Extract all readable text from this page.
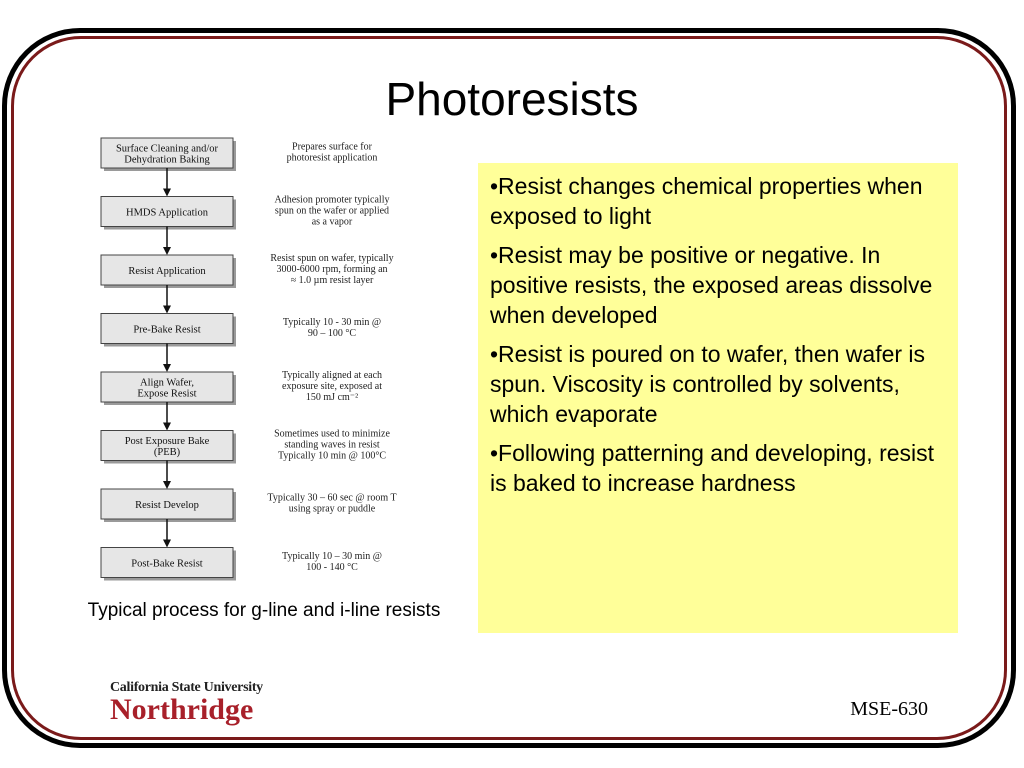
Photoresists
Surface Cleaning and/or
Dehydration Baking
Prepares surface for
photoresist application
HMDS Application
Adhesion promoter typically
spun on the wafer or applied
as a vapor
Resist Application
Resist spun on wafer, typically
3000-6000 rpm, forming an
≈ 1.0 µm resist layer
Pre-Bake Resist
Typically 10 - 30 min @
90 – 100 °C
Align Wafer,
Expose Resist
Typically aligned at each
exposure site, exposed at
150 mJ cm⁻²
Post Exposure Bake
(PEB)
Sometimes used to minimize
standing waves in resist
Typically 10 min @ 100°C
Resist Develop
Typically 30 – 60 sec @ room T
using spray or puddle
Post-Bake Resist
Typically 10 – 30 min @
100 - 140 °C
Typical process for g-line and i-line resists
•Resist changes chemical properties when exposed to light
•Resist may be positive or negative. In positive resists, the exposed areas dissolve when developed
•Resist is poured on to wafer, then wafer is spun. Viscosity is controlled by solvents, which evaporate
•Following patterning and developing, resist is baked to increase hardness
California State University
Northridge	MSE-630
